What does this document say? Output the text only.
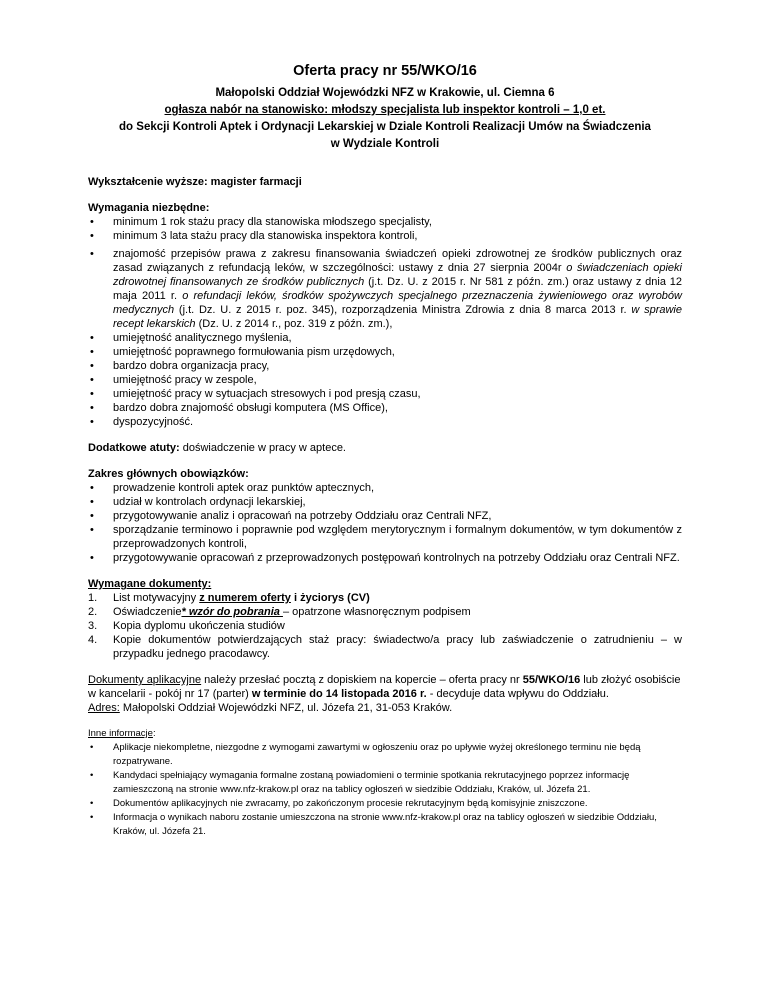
Oferta pracy nr 55/WKO/16

Małopolski Oddział Wojewódzki NFZ w Krakowie, ul. Ciemna 6

ogłasza nabór na stanowisko: młodszy specjalista lub inspektor kontroli – 1,0 et.

do Sekcji Kontroli Aptek i Ordynacji Lekarskiej w Dziale Kontroli Realizacji Umów na Świadczenia

w Wydziale Kontroli

Wykształcenie wyższe: magister farmacji

Wymagania niezbędne:

• minimum 1 rok stażu pracy dla stanowiska młodszego specjalisty,
• minimum 3 lata stażu pracy dla stanowiska inspektora kontroli,
• znajomość przepisów prawa z zakresu finansowania świadczeń opieki zdrowotnej ze środków publicznych oraz zasad związanych z refundacją leków, w szczególności: ustawy z dnia 27 sierpnia 2004r o świadczeniach opieki zdrowotnej finansowanych ze środków publicznych (j.t. Dz. U. z 2015 r. Nr 581 z późn. zm.) oraz ustawy z dnia 12 maja 2011 r. o refundacji leków, środków spożywczych specjalnego przeznaczenia żywieniowego oraz wyrobów medycznych (j.t. Dz. U. z 2015 r. poz. 345), rozporządzenia Ministra Zdrowia z dnia 8 marca 2013 r. w sprawie recept lekarskich (Dz. U. z 2014 r., poz. 319 z późn. zm.),
• umiejętność analitycznego myślenia,
• umiejętność poprawnego formułowania pism urzędowych,
• bardzo dobra organizacja pracy,
• umiejętność pracy w zespole,
• umiejętność pracy w sytuacjach stresowych i pod presją czasu,
• bardzo dobra znajomość obsługi komputera (MS Office),
• dyspozycyjność.

Dodatkowe atuty: doświadczenie w pracy w aptece.

Zakres głównych obowiązków:

• prowadzenie kontroli aptek oraz punktów aptecznych,
• udział w kontrolach ordynacji lekarskiej,
• przygotowywanie analiz i opracowań na potrzeby Oddziału oraz Centrali NFZ,
• sporządzanie terminowo i poprawnie pod względem merytorycznym i formalnym dokumentów, w tym dokumentów z przeprowadzonych kontroli,
• przygotowywanie opracowań z przeprowadzonych postępowań kontrolnych na potrzeby Oddziału oraz Centrali NFZ.

Wymagane dokumenty:

1. List motywacyjny z numerem oferty i życiorys (CV)
2. Oświadczenie* wzór do pobrania – opatrzone własnoręcznym podpisem
3. Kopia dyplomu ukończenia studiów
4. Kopie dokumentów potwierdzających staż pracy: świadectwo/a pracy lub zaświadczenie o zatrudnieniu – w przypadku jednego pracodawcy.

Dokumenty aplikacyjne należy przesłać pocztą z dopiskiem na kopercie – oferta pracy nr 55/WKO/16 lub złożyć osobiście w kancelarii - pokój nr 17 (parter) w terminie do 14 listopada 2016 r. - decyduje data wpływu do Oddziału.

Adres: Małopolski Oddział Wojewódzki NFZ, ul. Józefa 21, 31-053 Kraków.

Inne informacje:

• Aplikacje niekompletne, niezgodne z wymogami zawartymi w ogłoszeniu oraz po upływie wyżej określonego terminu nie będą rozpatrywane.
• Kandydaci spełniający wymagania formalne zostaną powiadomieni o terminie spotkania rekrutacyjnego poprzez informację zamieszczoną na stronie www.nfz-krakow.pl oraz na tablicy ogłoszeń w siedzibie Oddziału, Kraków, ul. Józefa 21.
• Dokumentów aplikacyjnych nie zwracamy, po zakończonym procesie rekrutacyjnym będą komisyjnie zniszczone.
• Informacja o wynikach naboru zostanie umieszczona na stronie www.nfz-krakow.pl oraz na tablicy ogłoszeń w siedzibie Oddziału, Kraków, ul. Józefa 21.
